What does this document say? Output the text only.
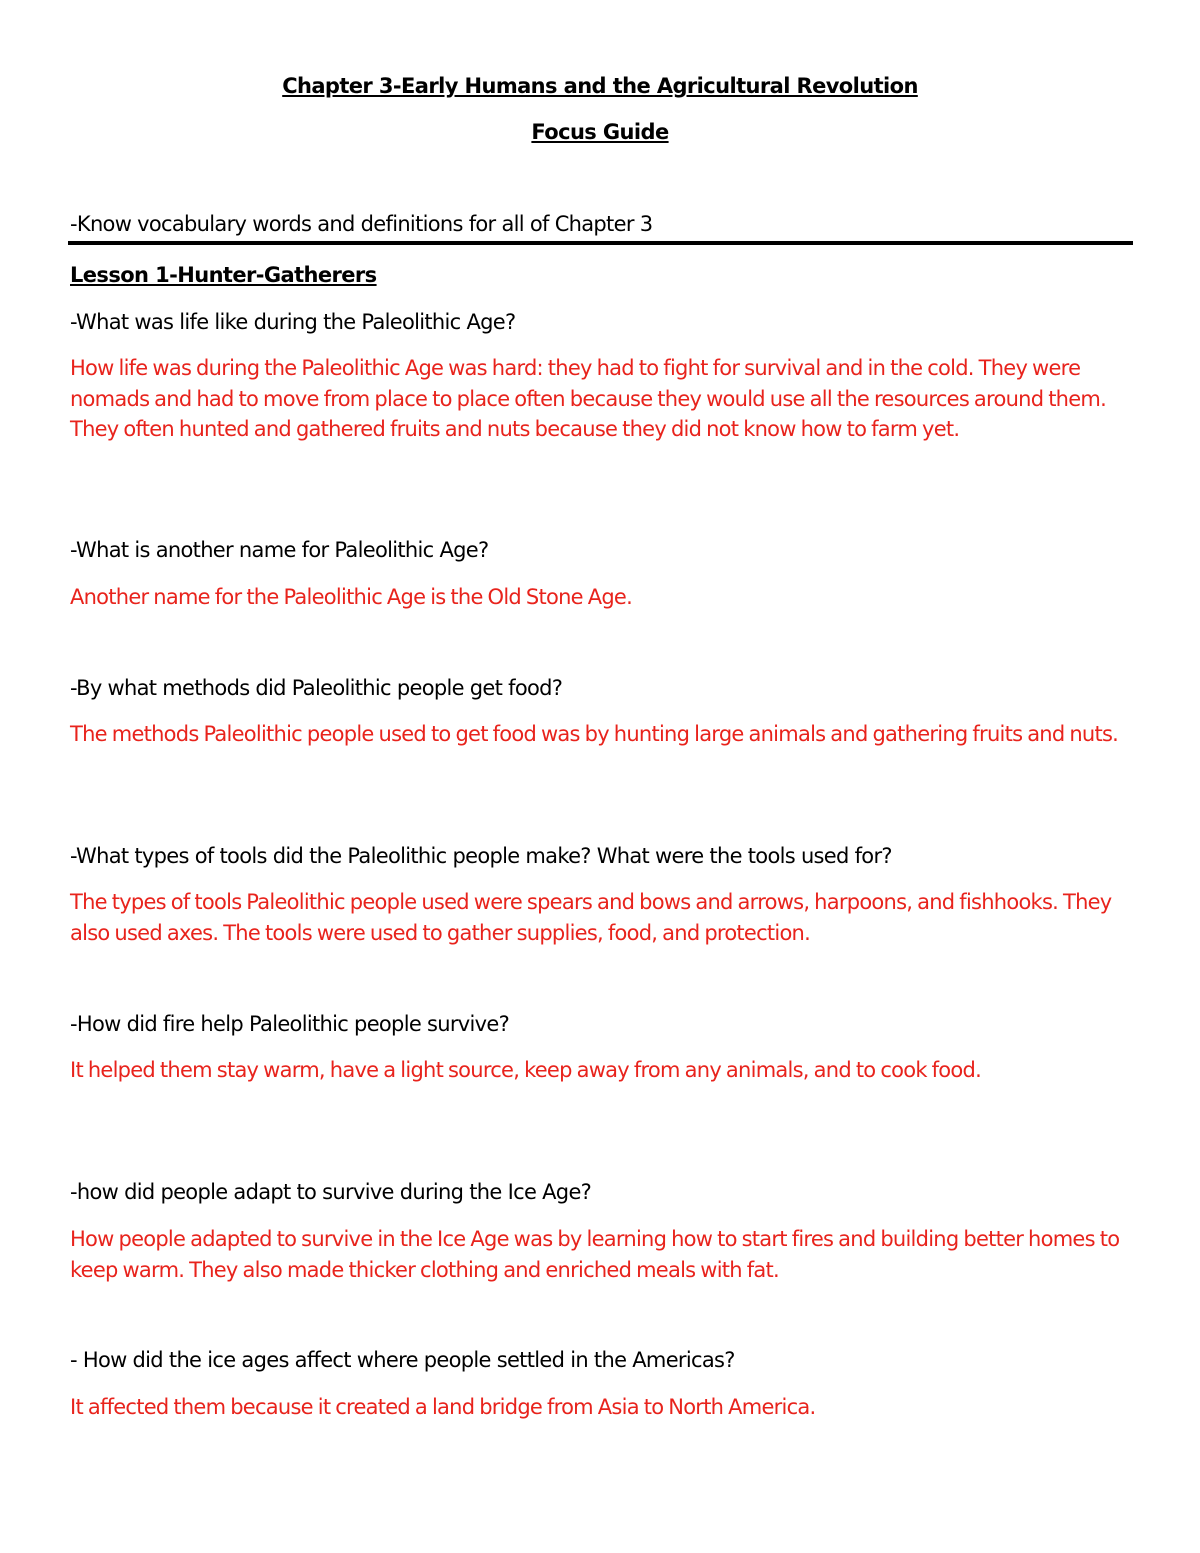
Chapter 3-Early Humans and the Agricultural Revolution
Focus Guide
-Know vocabulary words and definitions for all of Chapter 3
Lesson 1-Hunter-Gatherers
-What was life like during the Paleolithic Age?
How life was during the Paleolithic Age was hard: they had to fight for survival and in the cold. They were nomads and had to move from place to place often because they would use all the resources around them. They often hunted and gathered fruits and nuts because they did not know how to farm yet.
-What is another name for Paleolithic Age?
Another name for the Paleolithic Age is the Old Stone Age.
-By what methods did Paleolithic people get food?
The methods Paleolithic people used to get food was by hunting large animals and gathering fruits and nuts.
-What types of tools did the Paleolithic people make? What were the tools used for?
The types of tools Paleolithic people used were spears and bows and arrows, harpoons, and fishhooks. They also used axes. The tools were used to gather supplies, food, and protection.
-How did fire help Paleolithic people survive?
It helped them stay warm, have a light source, keep away from any animals, and to cook food.
-how did people adapt to survive during the Ice Age?
How people adapted to survive in the Ice Age was by learning how to start fires and building better homes to keep warm. They also made thicker clothing and enriched meals with fat.
- How did the ice ages affect where people settled in the Americas?
It affected them because it created a land bridge from Asia to North America.
